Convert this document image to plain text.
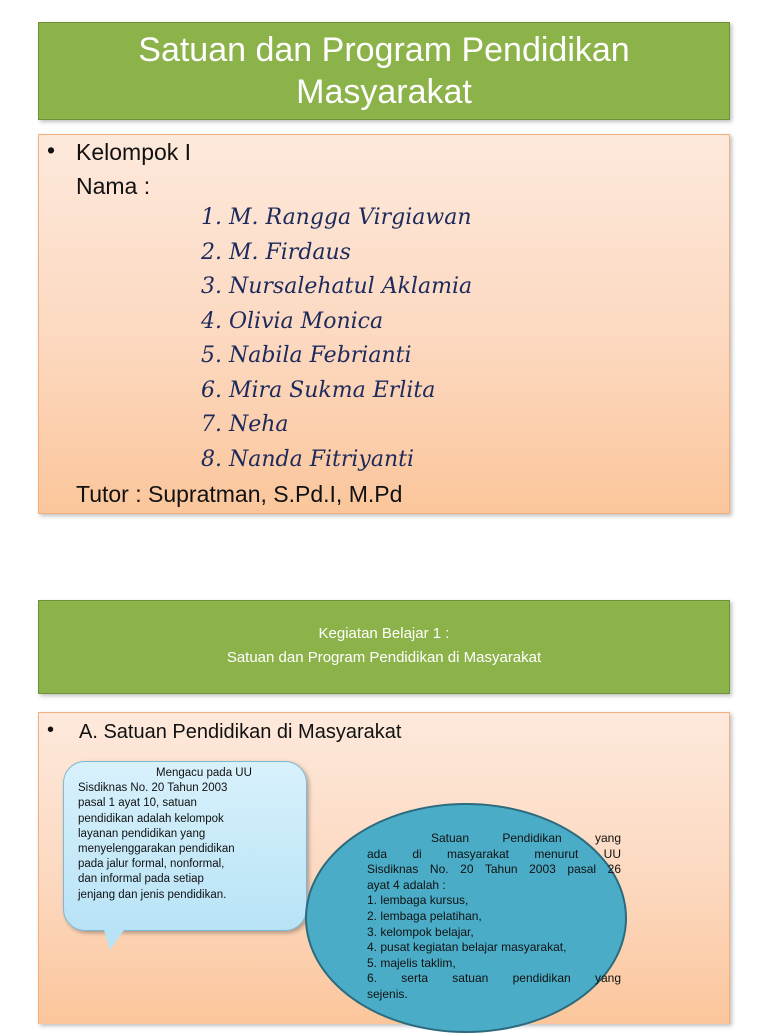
Satuan dan Program Pendidikan
Masyarakat
• Kelompok I
Nama :
1. M. Rangga Virgiawan
2. M. Firdaus
3. Nursalehatul Aklamia
4. Olivia Monica
5. Nabila Febrianti
6. Mira Sukma Erlita
7. Neha
8. Nanda Fitriyanti
Tutor : Supratman, S.Pd.I, M.Pd
Kegiatan Belajar 1 :
Satuan dan Program Pendidikan di Masyarakat
• A. Satuan Pendidikan di Masyarakat
Mengacu pada UU
Sisdiknas No. 20 Tahun 2003
pasal 1 ayat 10, satuan
pendidikan adalah kelompok
layanan pendidikan yang
menyelenggarakan pendidikan
pada jalur formal, nonformal,
dan informal pada setiap
jenjang dan jenis pendidikan.
Satuan Pendidikan yang
ada di masyarakat menurut UU
Sisdiknas No. 20 Tahun 2003 pasal 26
ayat 4 adalah :
1. lembaga kursus,
2. lembaga pelatihan,
3. kelompok belajar,
4. pusat kegiatan belajar masyarakat,
5. majelis taklim,
6. serta satuan pendidikan yang
sejenis.
